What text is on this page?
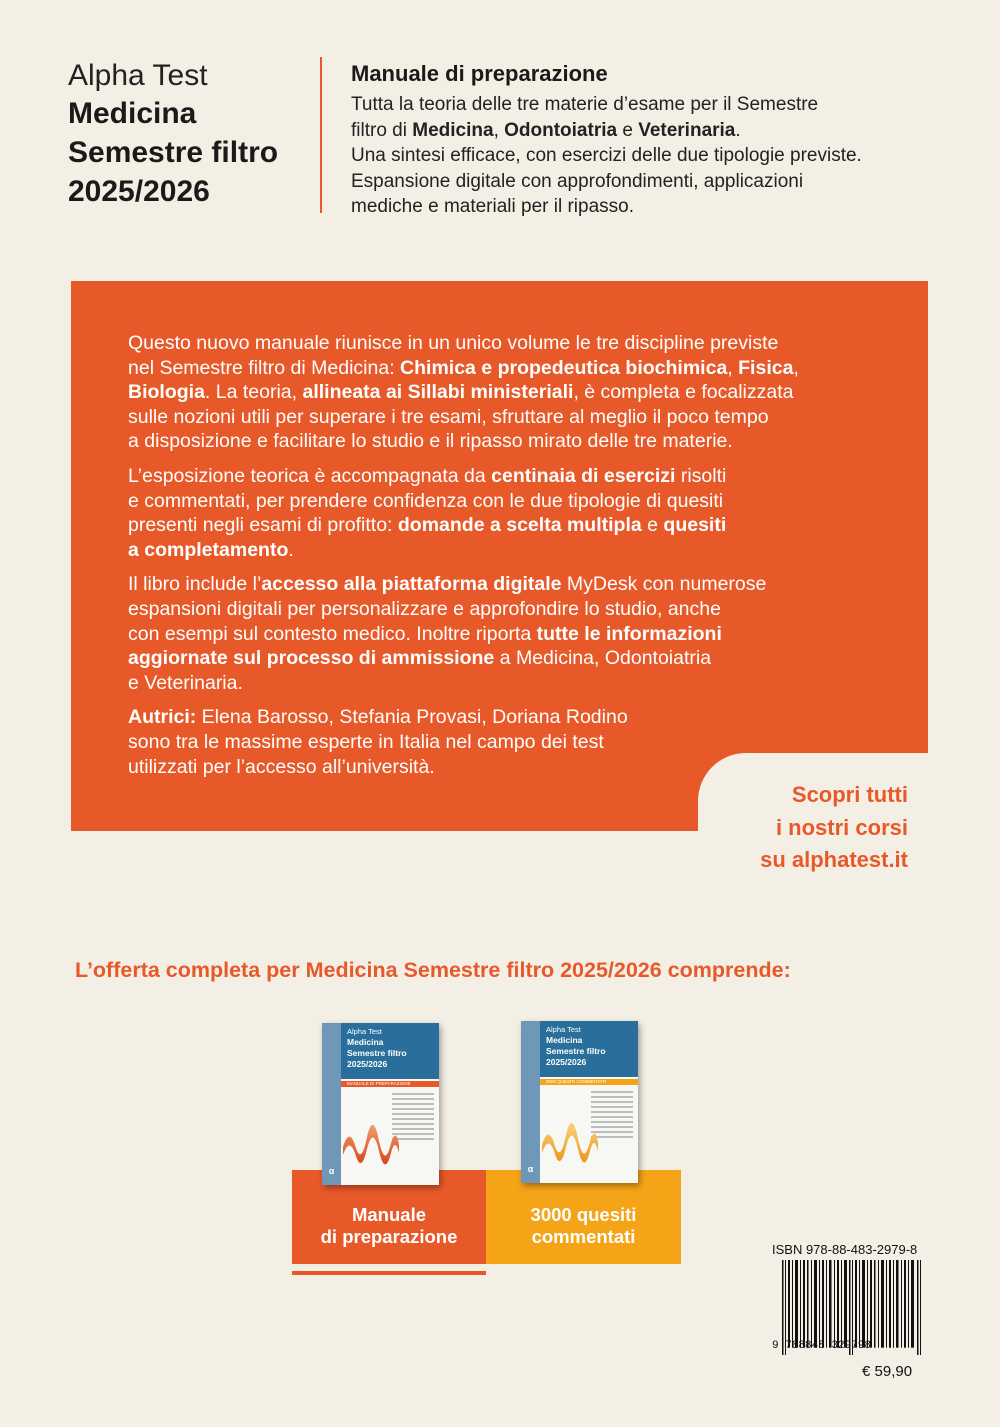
Alpha Test
Medicina
Semestre filtro
2025/2026
Manuale di preparazione
Tutta la teoria delle tre materie d’esame per il Semestre
filtro di Medicina, Odontoiatria e Veterinaria.
Una sintesi efficace, con esercizi delle due tipologie previste.
Espansione digitale con approfondimenti, applicazioni
mediche e materiali per il ripasso.
Questo nuovo manuale riunisce in un unico volume le tre discipline previste
nel Semestre filtro di Medicina: Chimica e propedeutica biochimica, Fisica,
Biologia. La teoria, allineata ai Sillabi ministeriali, è completa e focalizzata
sulle nozioni utili per superare i tre esami, sfruttare al meglio il poco tempo
a disposizione e facilitare lo studio e il ripasso mirato delle tre materie.
L’esposizione teorica è accompagnata da centinaia di esercizi risolti
e commentati, per prendere confidenza con le due tipologie di quesiti
presenti negli esami di profitto: domande a scelta multipla e quesiti
a completamento.
Il libro include l’accesso alla piattaforma digitale MyDesk con numerose
espansioni digitali per personalizzare e approfondire lo studio, anche
con esempi sul contesto medico. Inoltre riporta tutte le informazioni
aggiornate sul processo di ammissione a Medicina, Odontoiatria
e Veterinaria.
Autrici: Elena Barosso, Stefania Provasi, Doriana Rodino
sono tra le massime esperte in Italia nel campo dei test
utilizzati per l’accesso all’università.
Scopri tutti
i nostri corsi
su alphatest.it
L’offerta completa per Medicina Semestre filtro 2025/2026 comprende:
Manuale
di preparazione
3000 quesiti
commentati
Alpha Test
Medicina
Semestre filtro
2025/2026
MANUALE DI PREPARAZIONE
α
Alpha Test
Medicina
Semestre filtro
2025/2026
3000 QUESITI COMMENTATI
α
ISBN 978-88-483-2979-8
9 788848 329798
€ 59,90
